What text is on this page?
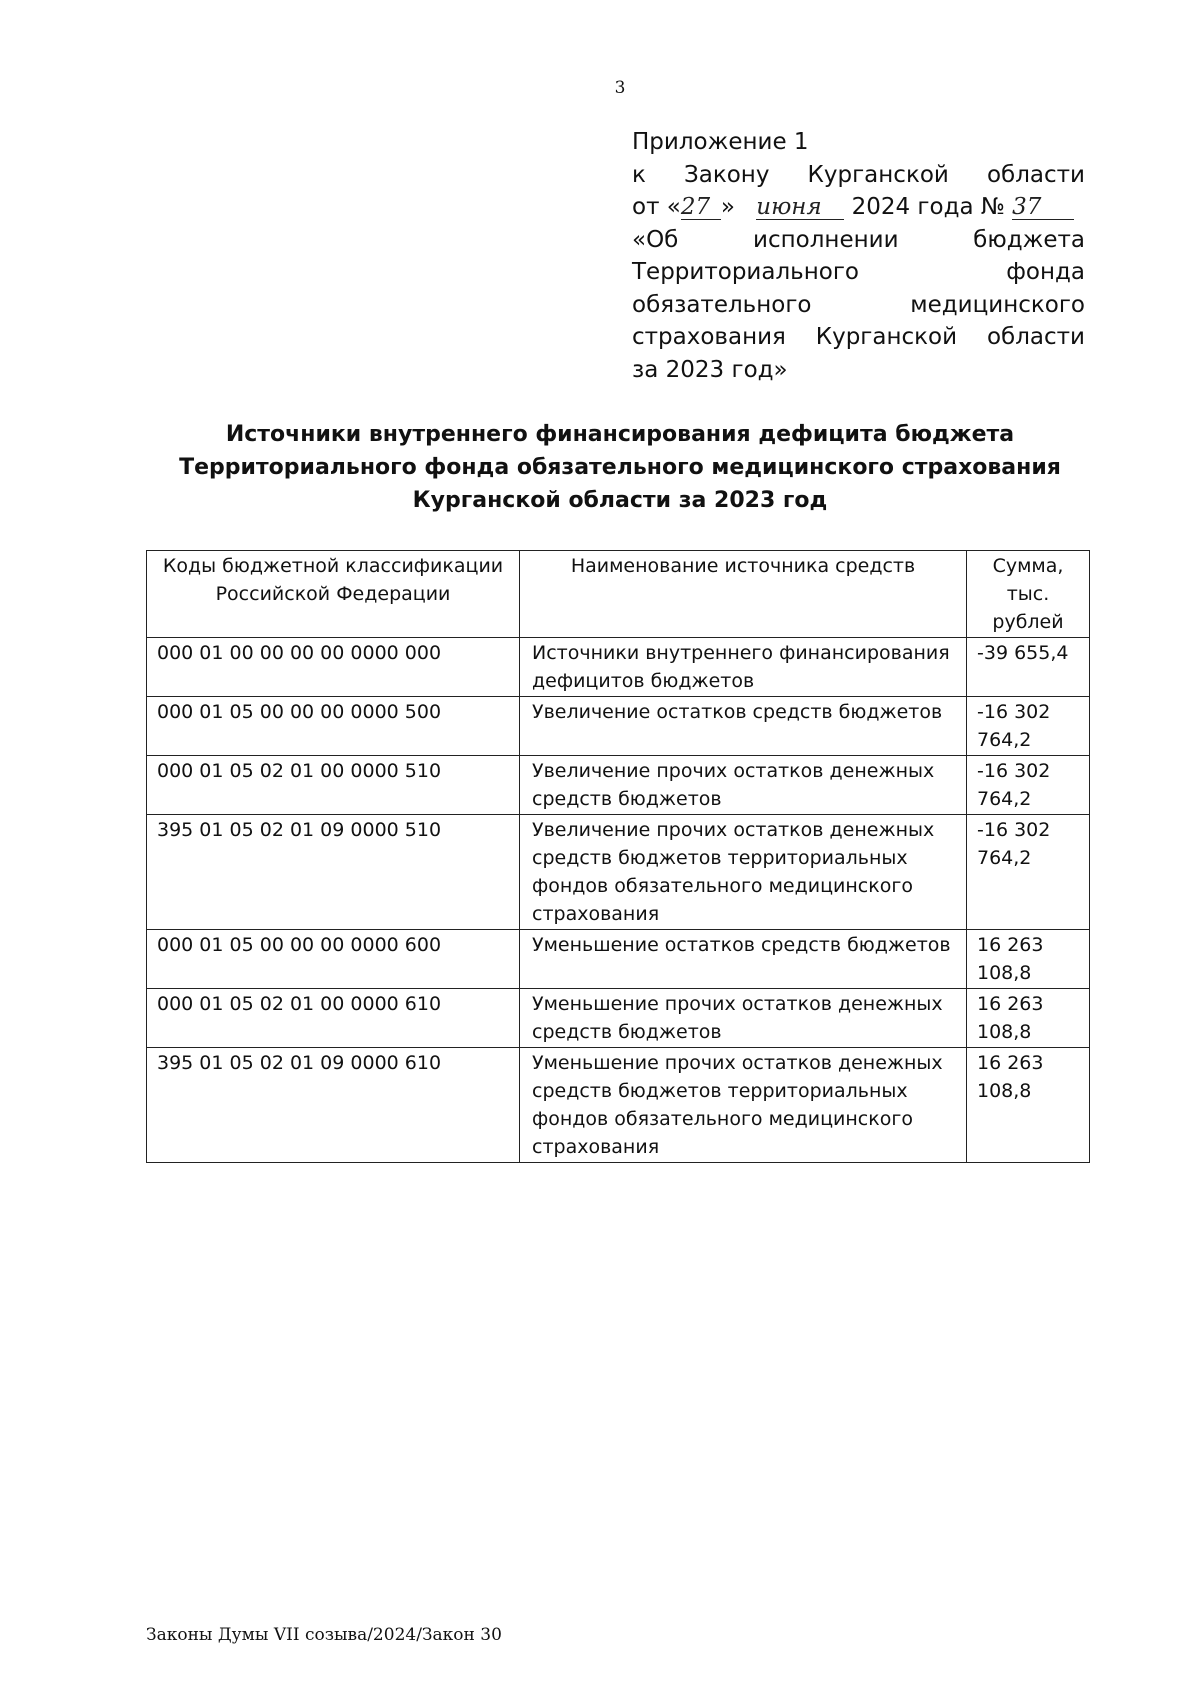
3
Приложение 1
к Закону Курганской области
от «27 » июня 2024 года № 37
«Об исполнении бюджета
Территориального фонда
обязательного медицинского
страхования Курганской области
за 2023 год»
Источники внутреннего финансирования дефицита бюджета
Территориального фонда обязательного медицинского страхования
Курганской области за 2023 год
Коды бюджетной классификации Российской Федерации	Наименование источника средств	Сумма, тыс. рублей
000 01 00 00 00 00 0000 000	Источники внутреннего финансирования дефицитов бюджетов	-39 655,4
000 01 05 00 00 00 0000 500	Увеличение остатков средств бюджетов	-16 302 764,2
000 01 05 02 01 00 0000 510	Увеличение прочих остатков денежных средств бюджетов	-16 302 764,2
395 01 05 02 01 09 0000 510	Увеличение прочих остатков денежных средств бюджетов территориальных фондов обязательного медицинского страхования	-16 302 764,2
000 01 05 00 00 00 0000 600	Уменьшение остатков средств бюджетов	16 263 108,8
000 01 05 02 01 00 0000 610	Уменьшение прочих остатков денежных средств бюджетов	16 263 108,8
395 01 05 02 01 09 0000 610	Уменьшение прочих остатков денежных средств бюджетов территориальных фондов обязательного медицинского страхования	16 263 108,8
Законы Думы VII созыва/2024/Закон 30
